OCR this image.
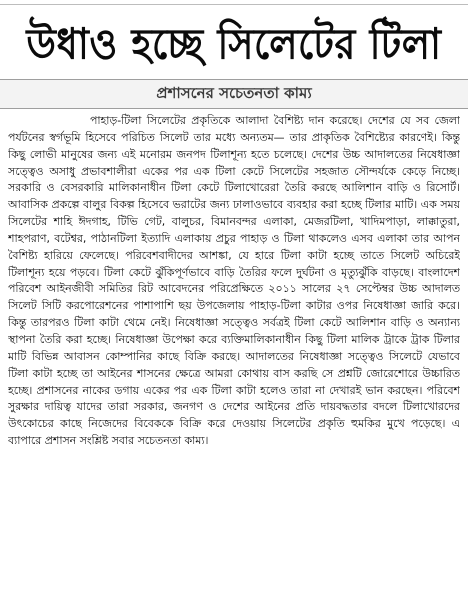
উধাও হচ্ছে সিলেটের টিলা
প্রশাসনের সচেতনতা কাম্য

পাহাড়-টিলা সিলেটের প্রকৃতিকে আলাদা বৈশিষ্ট্য দান করেছে। দেশের যে সব জেলা পর্যটনের স্বর্গভূমি হিসেবে পরিচিত সিলেট তার মধ্যে অন্যতম— তার প্রাকৃতিক বৈশিষ্ট্যের কারণেই। কিন্তু কিছু লোভী মানুষের জন্য এই মনোরম জনপদ টিলাশূন্য হতে চলেছে। দেশের উচ্চ আদালতের নিষেধাজ্ঞা সত্ত্বেও অসাধু প্রভাবশালীরা একের পর এক টিলা কেটে সিলেটের সহজাত সৌন্দর্যকে কেড়ে নিচ্ছে। সরকারি ও বেসরকারি মালিকানাধীন টিলা কেটে টিলাখোরেরা তৈরি করছে আলিশান বাড়ি ও রিসোর্ট। আবাসিক প্রকল্পে বালুর বিকল্প হিসেবে ভরাটের জন্য ঢালাওভাবে ব্যবহার করা হচ্ছে টিলার মাটি। এক সময় সিলেটের শাহি ঈদগাহ, টিভি গেট, বালুচর, বিমানবন্দর এলাকা, মেজরটিলা, খাদিমপাড়া, লাক্কাতুরা, শাহপরাণ, বটেশ্বর, পাঠানটিলা ইত্যাদি এলাকায় প্রচুর পাহাড় ও টিলা থাকলেও এসব এলাকা তার আপন বৈশিষ্ট্য হারিয়ে ফেলেছে। পরিবেশবাদীদের আশঙ্কা, যে হারে টিলা কাটা হচ্ছে তাতে সিলেট অচিরেই টিলাশূন্য হয়ে পড়বে। টিলা কেটে ঝুঁকিপূর্ণভাবে বাড়ি তৈরির ফলে দুর্ঘটনা ও মৃত্যুঝুঁকি বাড়ছে। বাংলাদেশ পরিবেশ আইনজীবী সমিতির রিট আবেদনের পরিপ্রেক্ষিতে ২০১১ সালের ২৭ সেপ্টেম্বর উচ্চ আদালত সিলেট সিটি করপোরেশনের পাশাপাশি ছয় উপজেলায় পাহাড়-টিলা কাটার ওপর নিষেধাজ্ঞা জারি করে। কিন্তু তারপরও টিলা কাটা থেমে নেই। নিষেধাজ্ঞা সত্ত্বেও সর্বত্রই টিলা কেটে আলিশান বাড়ি ও অন্যান্য স্থাপনা তৈরি করা হচ্ছে। নিষেধাজ্ঞা উপেক্ষা করে ব্যক্তিমালিকানাধীন কিছু টিলা মালিক ট্রাকে ট্রাক টিলার মাটি বিভিন্ন আবাসন কোম্পানির কাছে বিক্রি করছে। আদালতের নিষেধাজ্ঞা সত্ত্বেও সিলেটে যেভাবে টিলা কাটা হচ্ছে তা আইনের শাসনের ক্ষেত্রে আমরা কোথায় বাস করছি সে প্রশ্নটি জোরেশোরে উচ্চারিত হচ্ছে। প্রশাসনের নাকের ডগায় একের পর এক টিলা কাটা হলেও তারা না দেখারই ভান করছেন। পরিবেশ সুরক্ষার দায়িত্ব যাদের তারা সরকার, জনগণ ও দেশের আইনের প্রতি দায়বদ্ধতার বদলে টিলাখোরদের উৎকোচের কাছে নিজেদের বিবেককে বিক্রি করে দেওয়ায় সিলেটের প্রকৃতি হুমকির মুখে পড়েছে। এ ব্যাপারে প্রশাসন সংশ্লিষ্ট সবার সচেতনতা কাম্য।
